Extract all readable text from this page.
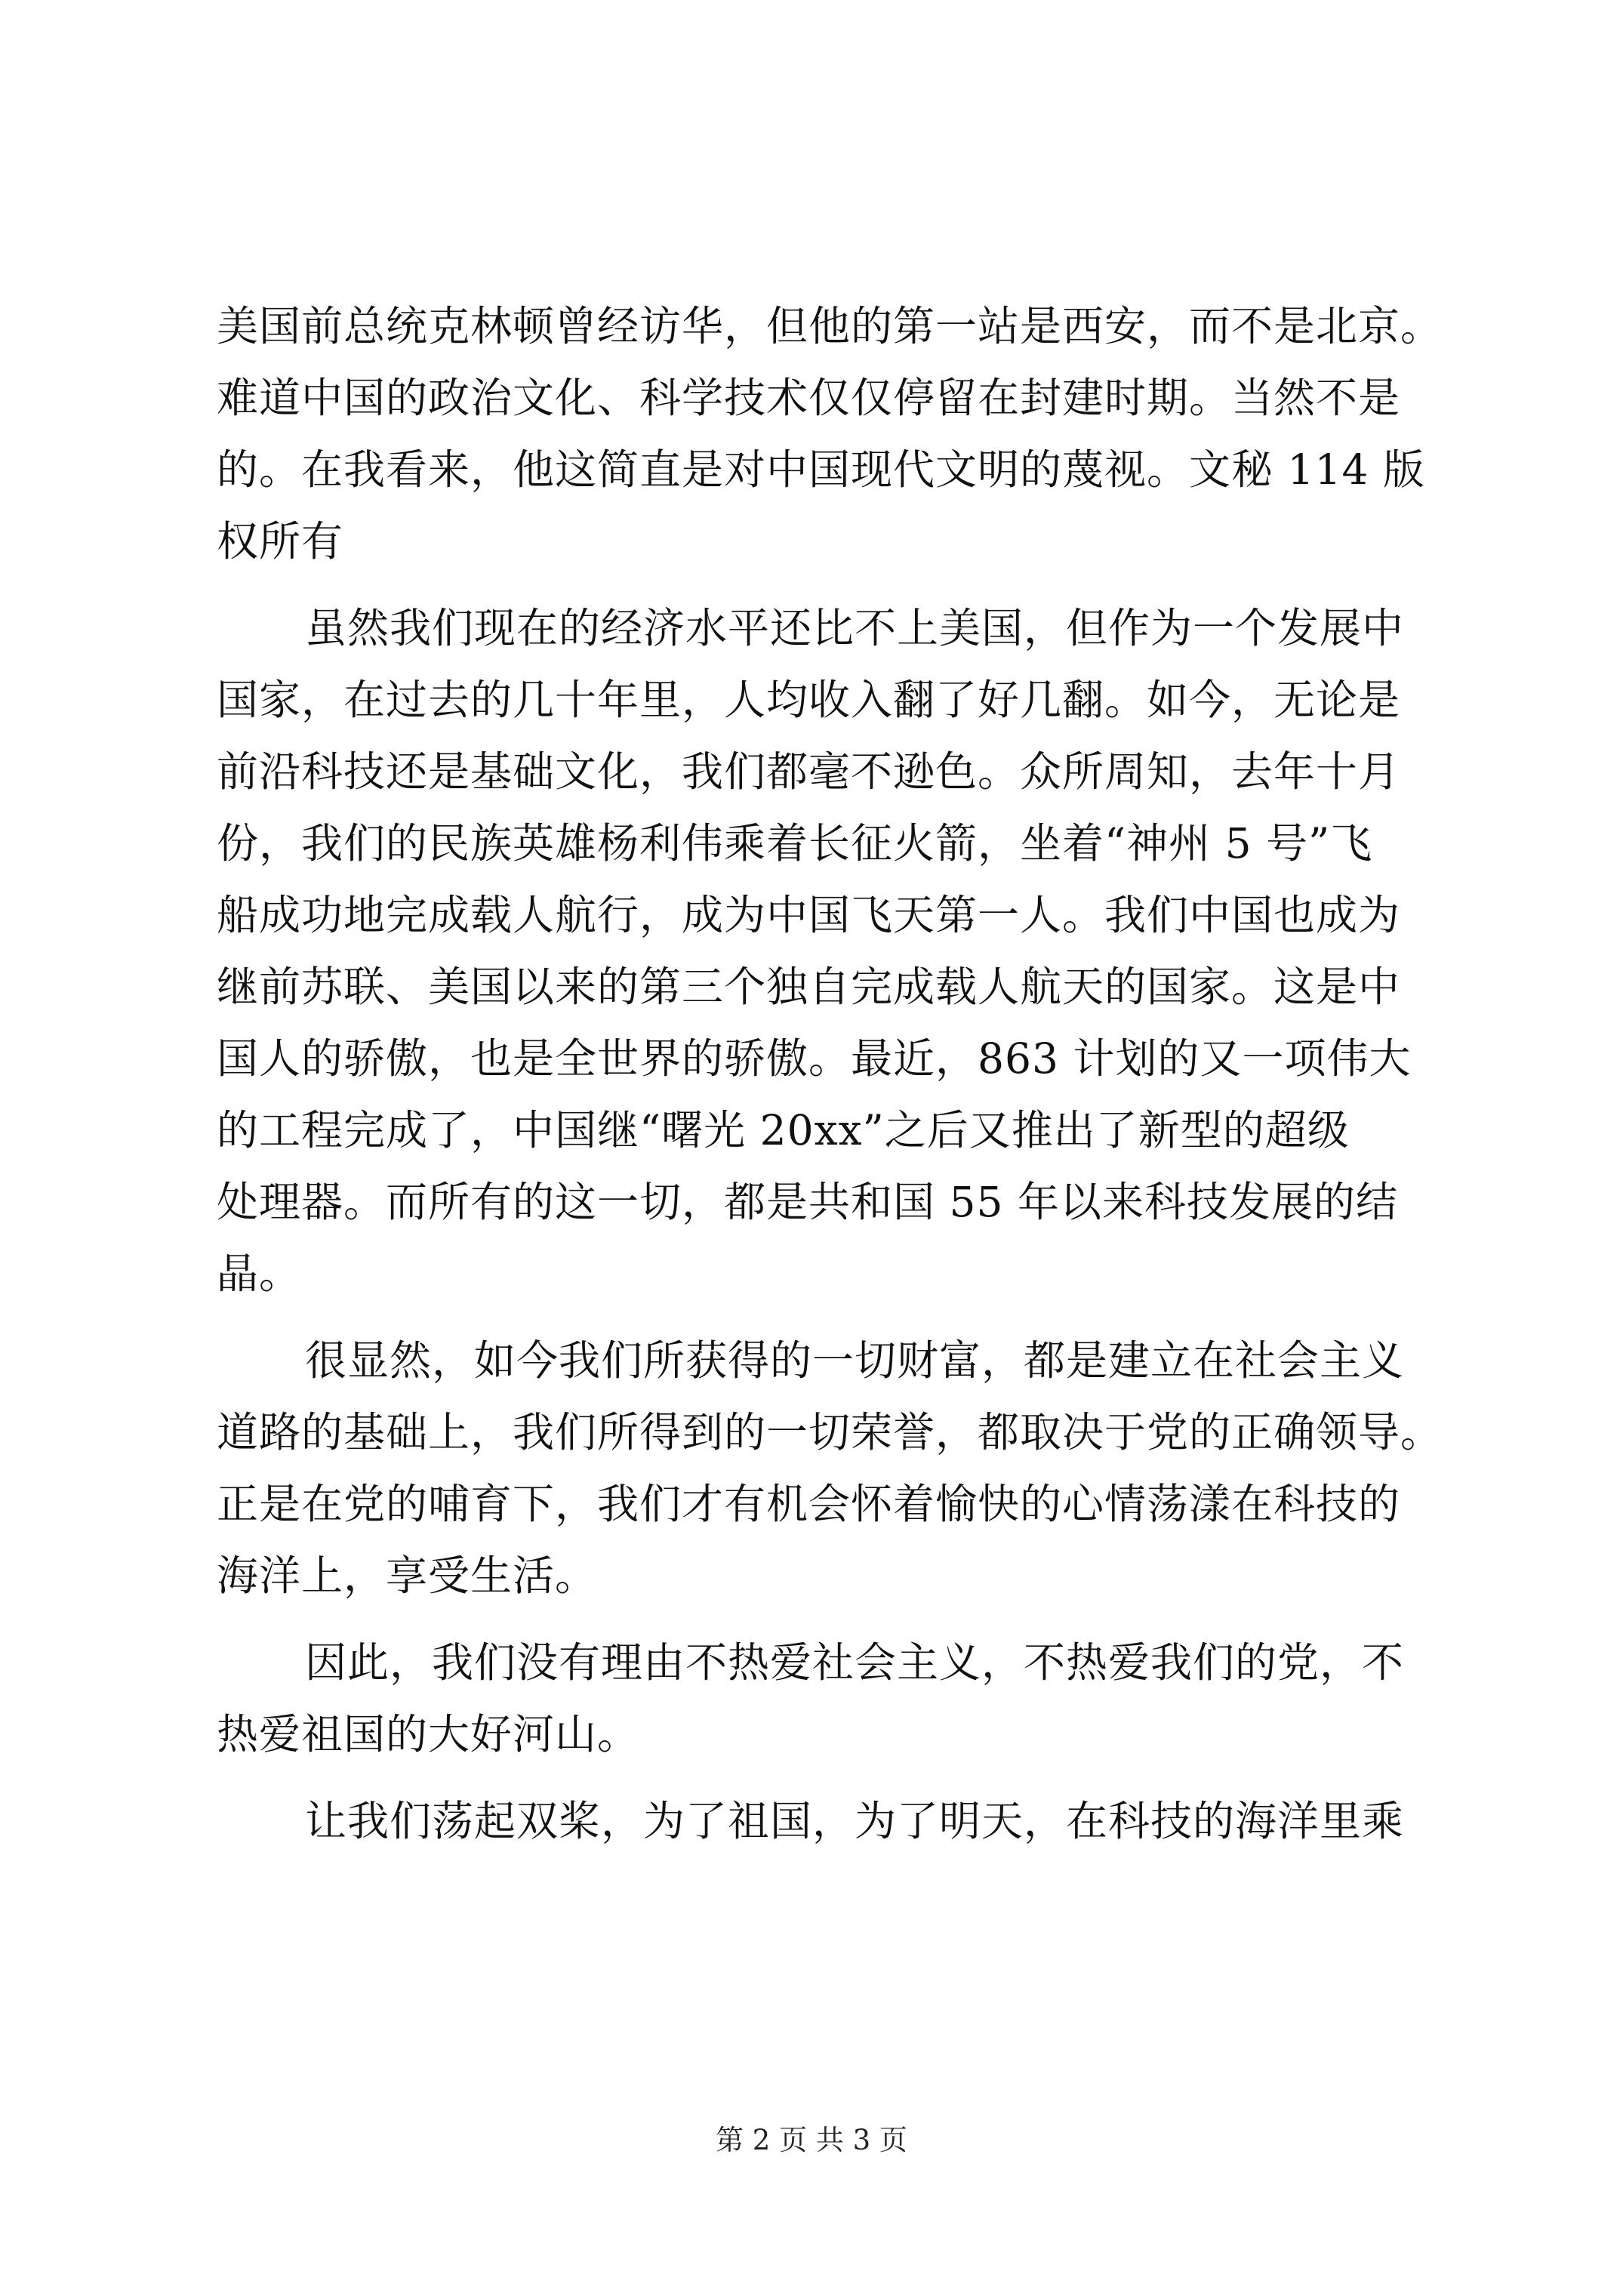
美国前总统克林顿曾经访华，但他的第一站是西安，而不是北京。
难道中国的政治文化、科学技术仅仅停留在封建时期。当然不是
的。在我看来，他这简直是对中国现代文明的蔑视。文秘 114 版
权所有
虽然我们现在的经济水平还比不上美国，但作为一个发展中
国家，在过去的几十年里，人均收入翻了好几翻。如今，无论是
前沿科技还是基础文化，我们都毫不逊色。众所周知，去年十月
份，我们的民族英雄杨利伟乘着长征火箭，坐着“神州 5 号”飞
船成功地完成载人航行，成为中国飞天第一人。我们中国也成为
继前苏联、美国以来的第三个独自完成载人航天的国家。这是中
国人的骄傲，也是全世界的骄傲。最近，863 计划的又一项伟大
的工程完成了，中国继“曙光 20xx”之后又推出了新型的超级
处理器。而所有的这一切，都是共和国 55 年以来科技发展的结
晶。
很显然，如今我们所获得的一切财富，都是建立在社会主义
道路的基础上，我们所得到的一切荣誉，都取决于党的正确领导。
正是在党的哺育下，我们才有机会怀着愉快的心情荡漾在科技的
海洋上，享受生活。
因此，我们没有理由不热爱社会主义，不热爱我们的党，不
热爱祖国的大好河山。
让我们荡起双桨，为了祖国，为了明天，在科技的海洋里乘
第 2 页 共 3 页
